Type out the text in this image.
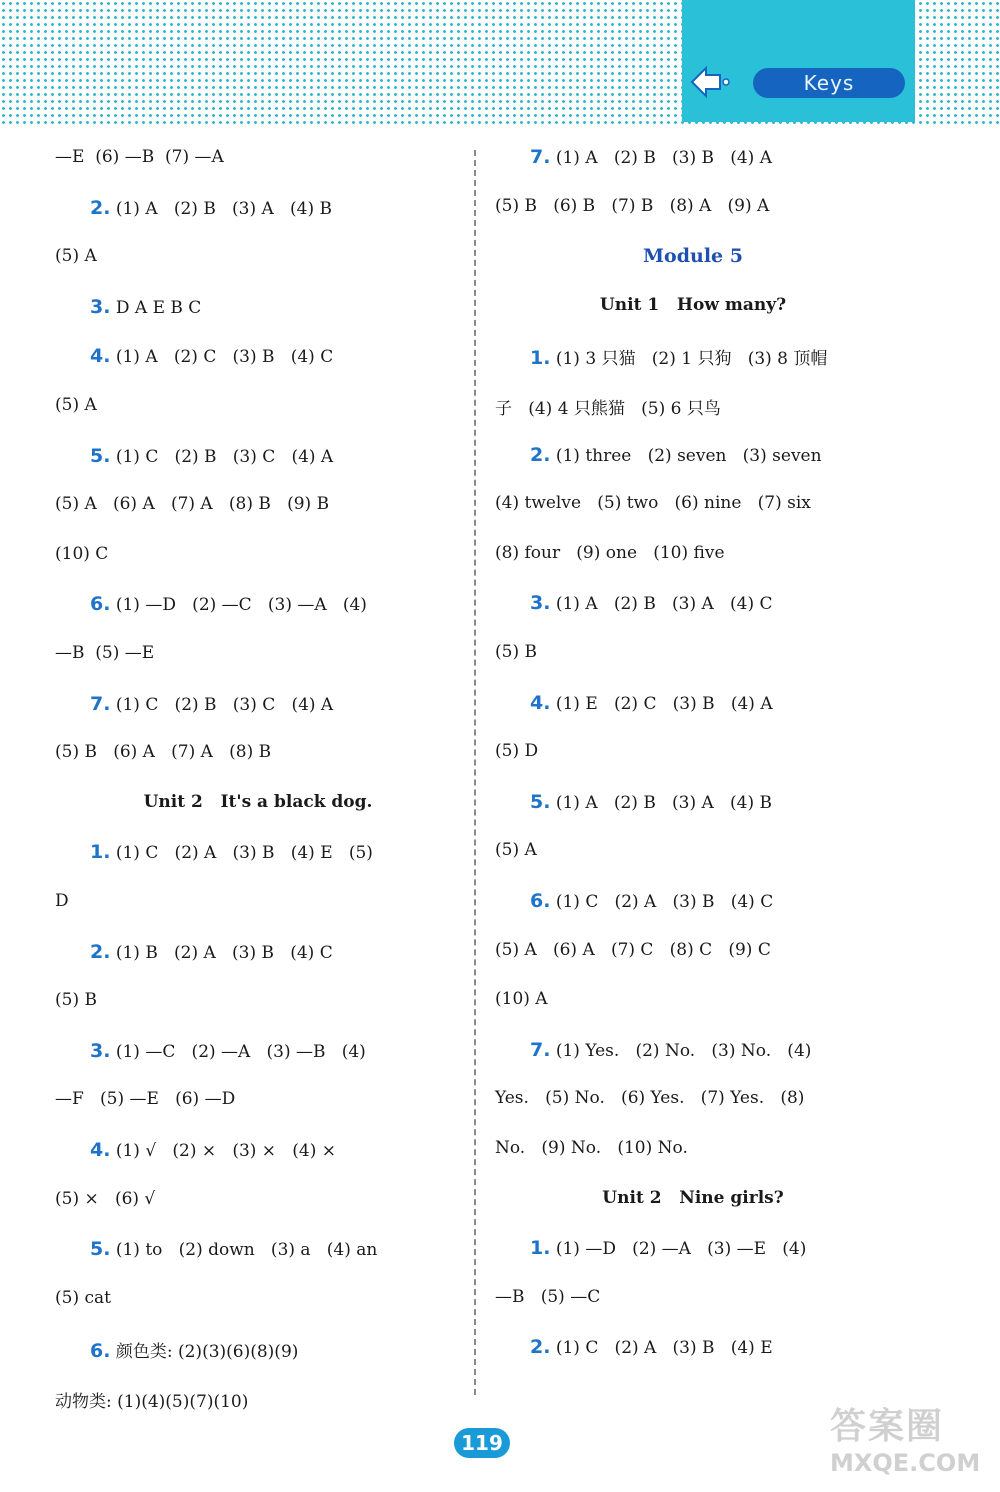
Keys
—E  (6) —B  (7) —A
2. (1) A   (2) B   (3) A   (4) B
(5) A
3. D A E B C
4. (1) A   (2) C   (3) B   (4) C
(5) A
5. (1) C   (2) B   (3) C   (4) A
(5) A   (6) A   (7) A   (8) B   (9) B
(10) C
6. (1) —D   (2) —C   (3) —A   (4)
—B  (5) —E
7. (1) C   (2) B   (3) C   (4) A
(5) B   (6) A   (7) A   (8) B
Unit 2   It's a black dog.
1. (1) C   (2) A   (3) B   (4) E   (5)
D
2. (1) B   (2) A   (3) B   (4) C
(5) B
3. (1) —C   (2) —A   (3) —B   (4)
—F   (5) —E   (6) —D
4. (1) √   (2) ×   (3) ×   (4) ×
(5) ×   (6) √
5. (1) to   (2) down   (3) a   (4) an
(5) cat
6. 颜色类: (2)(3)(6)(8)(9)
动物类: (1)(4)(5)(7)(10)
7. (1) A   (2) B   (3) B   (4) A
(5) B   (6) B   (7) B   (8) A   (9) A
Module 5
Unit 1   How many?
1. (1) 3 只猫   (2) 1 只狗   (3) 8 顶帽
子   (4) 4 只熊猫   (5) 6 只鸟
2. (1) three   (2) seven   (3) seven
(4) twelve   (5) two   (6) nine   (7) six
(8) four   (9) one   (10) five
3. (1) A   (2) B   (3) A   (4) C
(5) B
4. (1) E   (2) C   (3) B   (4) A
(5) D
5. (1) A   (2) B   (3) A   (4) B
(5) A
6. (1) C   (2) A   (3) B   (4) C
(5) A   (6) A   (7) C   (8) C   (9) C
(10) A
7. (1) Yes.   (2) No.   (3) No.   (4)
Yes.   (5) No.   (6) Yes.   (7) Yes.   (8)
No.   (9) No.   (10) No.
Unit 2   Nine girls?
1. (1) —D   (2) —A   (3) —E   (4)
—B   (5) —C
2. (1) C   (2) A   (3) B   (4) E
119	答案圈
MXQE.COM
